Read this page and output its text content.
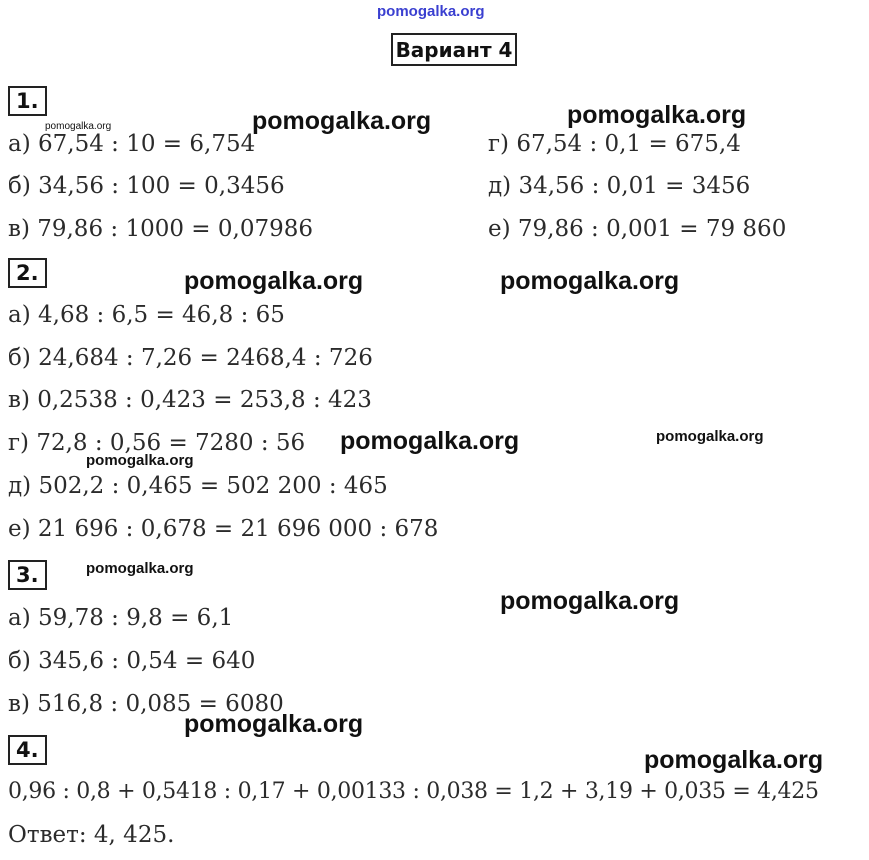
pomogalka.org
Вариант 4
1.
а) 67,54 : 10 = 6,754
б) 34,56 : 100 = 0,3456
в) 79,86 : 1000 = 0,07986
г) 67,54 : 0,1 = 675,4
д) 34,56 : 0,01 = 3456
е) 79,86 : 0,001 = 79 860
2.
а) 4,68 : 6,5 = 46,8 : 65
б) 24,684 : 7,26 = 2468,4 : 726
в) 0,2538 : 0,423 = 253,8 : 423
г) 72,8 : 0,56 = 7280 : 56
д) 502,2 : 0,465 = 502 200 : 465
е) 21 696 : 0,678 = 21 696 000 : 678
3.
а) 59,78 : 9,8 = 6,1
б) 345,6 : 0,54 = 640
в) 516,8 : 0,085 = 6080
4.
0,96 : 0,8 + 0,5418 : 0,17 + 0,00133 : 0,038 = 1,2 + 3,19 + 0,035 = 4,425
Ответ: 4, 425.
pomogalka.org	pomogalka.org	pomogalka.org
pomogalka.org	pomogalka.org
pomogalka.org	pomogalka.org
pomogalka.org
pomogalka.org
pomogalka.org
pomogalka.org
pomogalka.org
